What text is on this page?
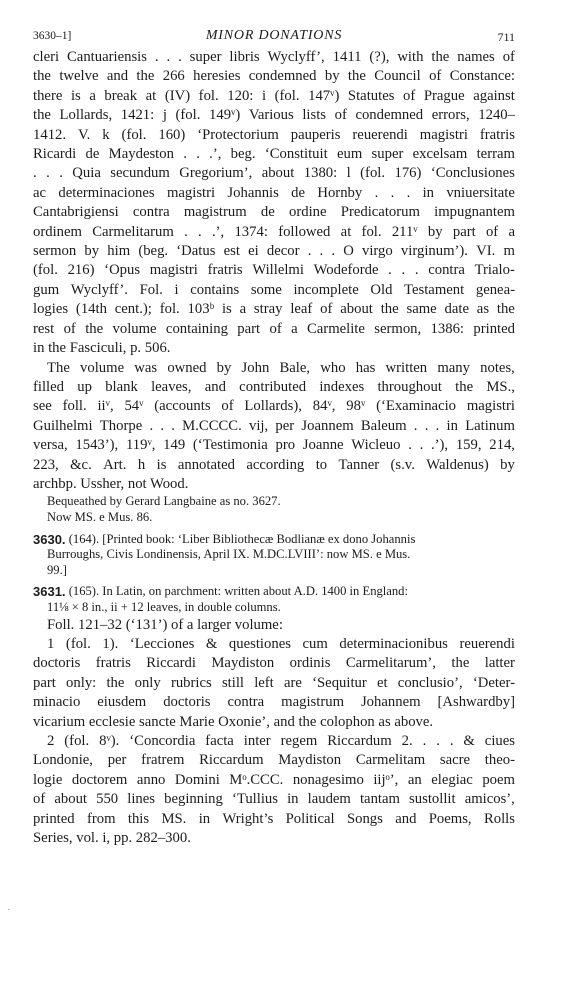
3630–1]	MINOR DONATIONS	711
cleri Cantuariensis . . . super libris Wyclyff’, 1411 (?), with the names of
the twelve and the 266 heresies condemned by the Council of Constance:
there is a break at (IV) fol. 120: i (fol. 147ᵛ) Statutes of Prague against
the Lollards, 1421: j (fol. 149ᵛ) Various lists of condemned errors, 1240–
1412. V. k (fol. 160) ‘Protectorium pauperis reuerendi magistri fratris
Ricardi de Maydeston . . .’, beg. ‘Constituit eum super excelsam terram
. . . Quia secundum Gregorium’, about 1380: l (fol. 176) ‘Conclusiones
ac determinaciones magistri Johannis de Hornby . . . in vniuersitate
Cantabrigiensi contra magistrum de ordine Predicatorum impugnantem
ordinem Carmelitarum . . .’, 1374: followed at fol. 211ᵛ by part of a
sermon by him (beg. ‘Datus est ei decor . . . O virgo virginum’). VI. m
(fol. 216) ‘Opus magistri fratris Willelmi Wodeforde . . . contra Trialo-
gum Wyclyff’. Fol. i contains some incomplete Old Testament genea-
logies (14th cent.); fol. 103ᵇ is a stray leaf of about the same date as the
rest of the volume containing part of a Carmelite sermon, 1386: printed
in the Fasciculi, p. 506.
The volume was owned by John Bale, who has written many notes,
filled up blank leaves, and contributed indexes throughout the MS.,
see foll. iiᵛ, 54ᵛ (accounts of Lollards), 84ᵛ, 98ᵛ (‘Examinacio magistri
Guilhelmi Thorpe . . . M.CCCC. vij, per Joannem Baleum . . . in Latinum
versa, 1543’), 119ᵛ, 149 (‘Testimonia pro Joanne Wicleuo . . .’), 159, 214,
223, &c. Art. h is annotated according to Tanner (s.v. Waldenus) by
archbp. Ussher, not Wood.
Bequeathed by Gerard Langbaine as no. 3627.
Now MS. e Mus. 86.
3630.
(164). [Printed book: ‘Liber Bibliothecæ Bodlianæ ex dono Johannis
Burroughs, Civis Londinensis, April IX. M.DC.LVIII’: now MS. e Mus.
99.]
3631.
(165). In Latin, on parchment: written about A.D. 1400 in England:
11⅛ × 8 in., ii + 12 leaves, in double columns.
Foll. 121–32 (‘131’) of a larger volume:
1 (fol. 1). ‘Lecciones & questiones cum determinacionibus reuerendi
doctoris fratris Riccardi Maydiston ordinis Carmelitarum’, the latter
part only: the only rubrics still left are ‘Sequitur et conclusio’, ‘Deter-
minacio eiusdem doctoris contra magistrum Johannem [Ashwardby]
vicarium ecclesie sancte Marie Oxonie’, and the colophon as above.
2 (fol. 8ᵛ). ‘Concordia facta inter regem Riccardum 2. . . . & ciues
Londonie, per fratrem Riccardum Maydiston Carmelitam sacre theo-
logie doctorem anno Domini Mᵒ.CCC. nonagesimo iijᵒ’, an elegiac poem
of about 550 lines beginning ‘Tullius in laudem tantam sustollit amicos’,
printed from this MS. in Wright’s Political Songs and Poems, Rolls
Series, vol. i, pp. 282–300.
·
